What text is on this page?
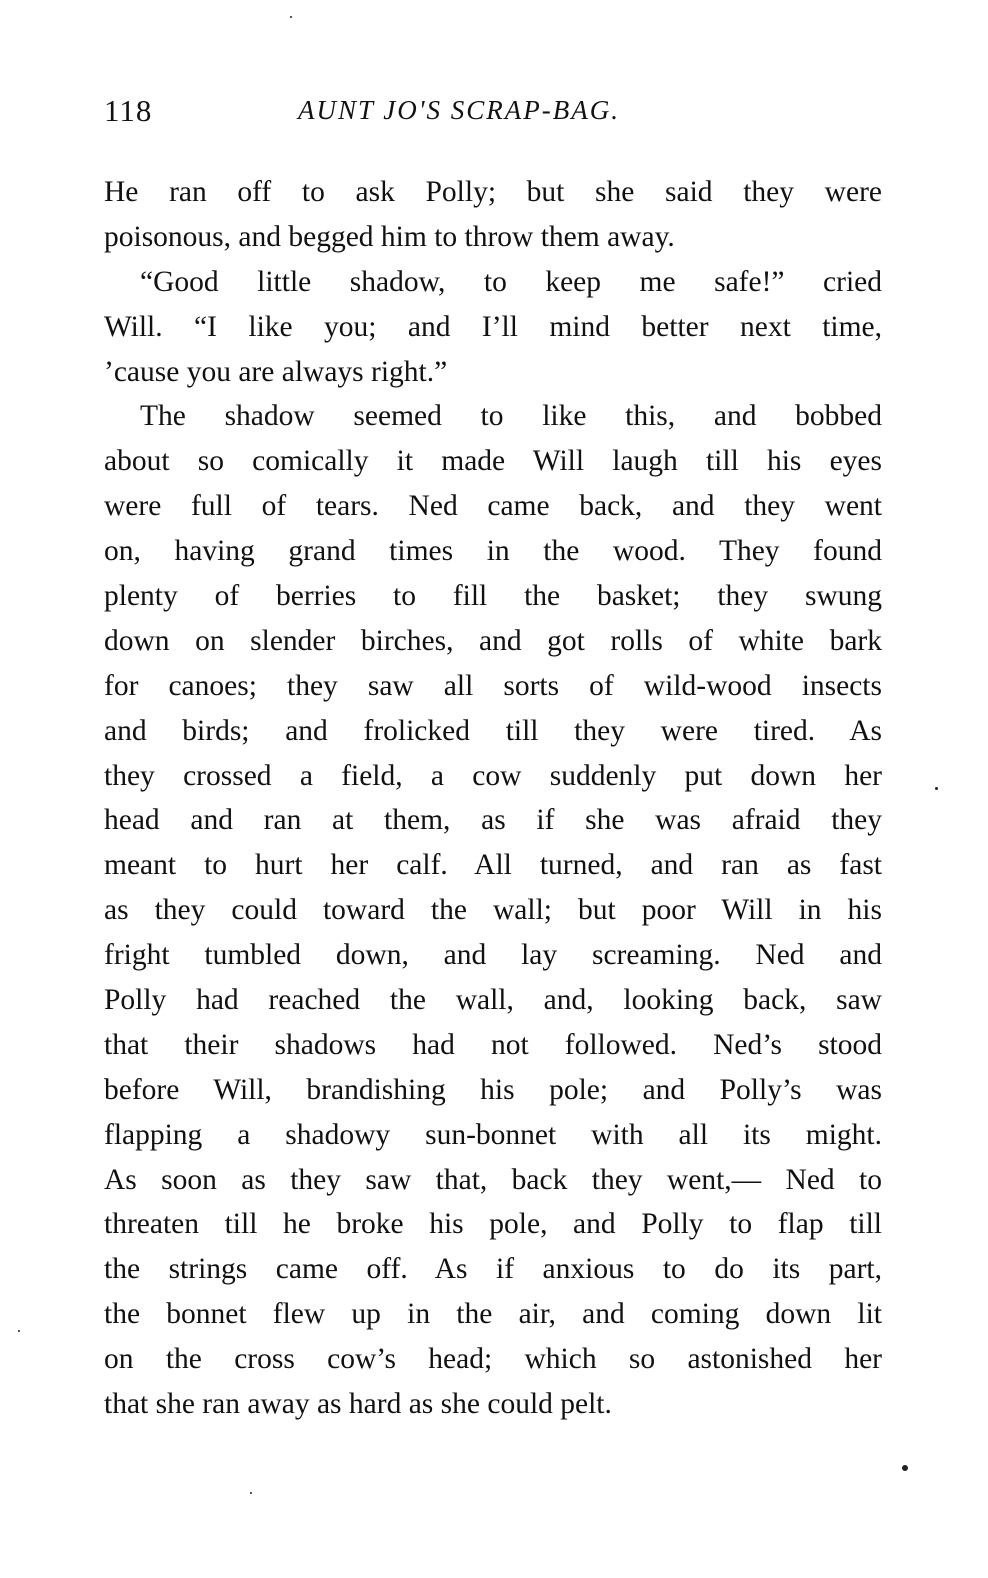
118	AUNT JO'S SCRAP-BAG.
He ran off to ask Polly; but she said they were
poisonous, and begged him to throw them away.
“Good little shadow, to keep me safe!” cried
Will. “I like you; and I’ll mind better next time,
’cause you are always right.”
The shadow seemed to like this, and bobbed
about so comically it made Will laugh till his eyes
were full of tears. Ned came back, and they went
on, having grand times in the wood. They found
plenty of berries to fill the basket; they swung
down on slender birches, and got rolls of white bark
for canoes; they saw all sorts of wild-wood insects
and birds; and frolicked till they were tired. As
they crossed a field, a cow suddenly put down her
head and ran at them, as if she was afraid they
meant to hurt her calf. All turned, and ran as fast
as they could toward the wall; but poor Will in his
fright tumbled down, and lay screaming. Ned and
Polly had reached the wall, and, looking back, saw
that their shadows had not followed. Ned’s stood
before Will, brandishing his pole; and Polly’s was
flapping a shadowy sun-bonnet with all its might.
As soon as they saw that, back they went,— Ned to
threaten till he broke his pole, and Polly to flap till
the strings came off. As if anxious to do its part,
the bonnet flew up in the air, and coming down lit
on the cross cow’s head; which so astonished her
that she ran away as hard as she could pelt.
